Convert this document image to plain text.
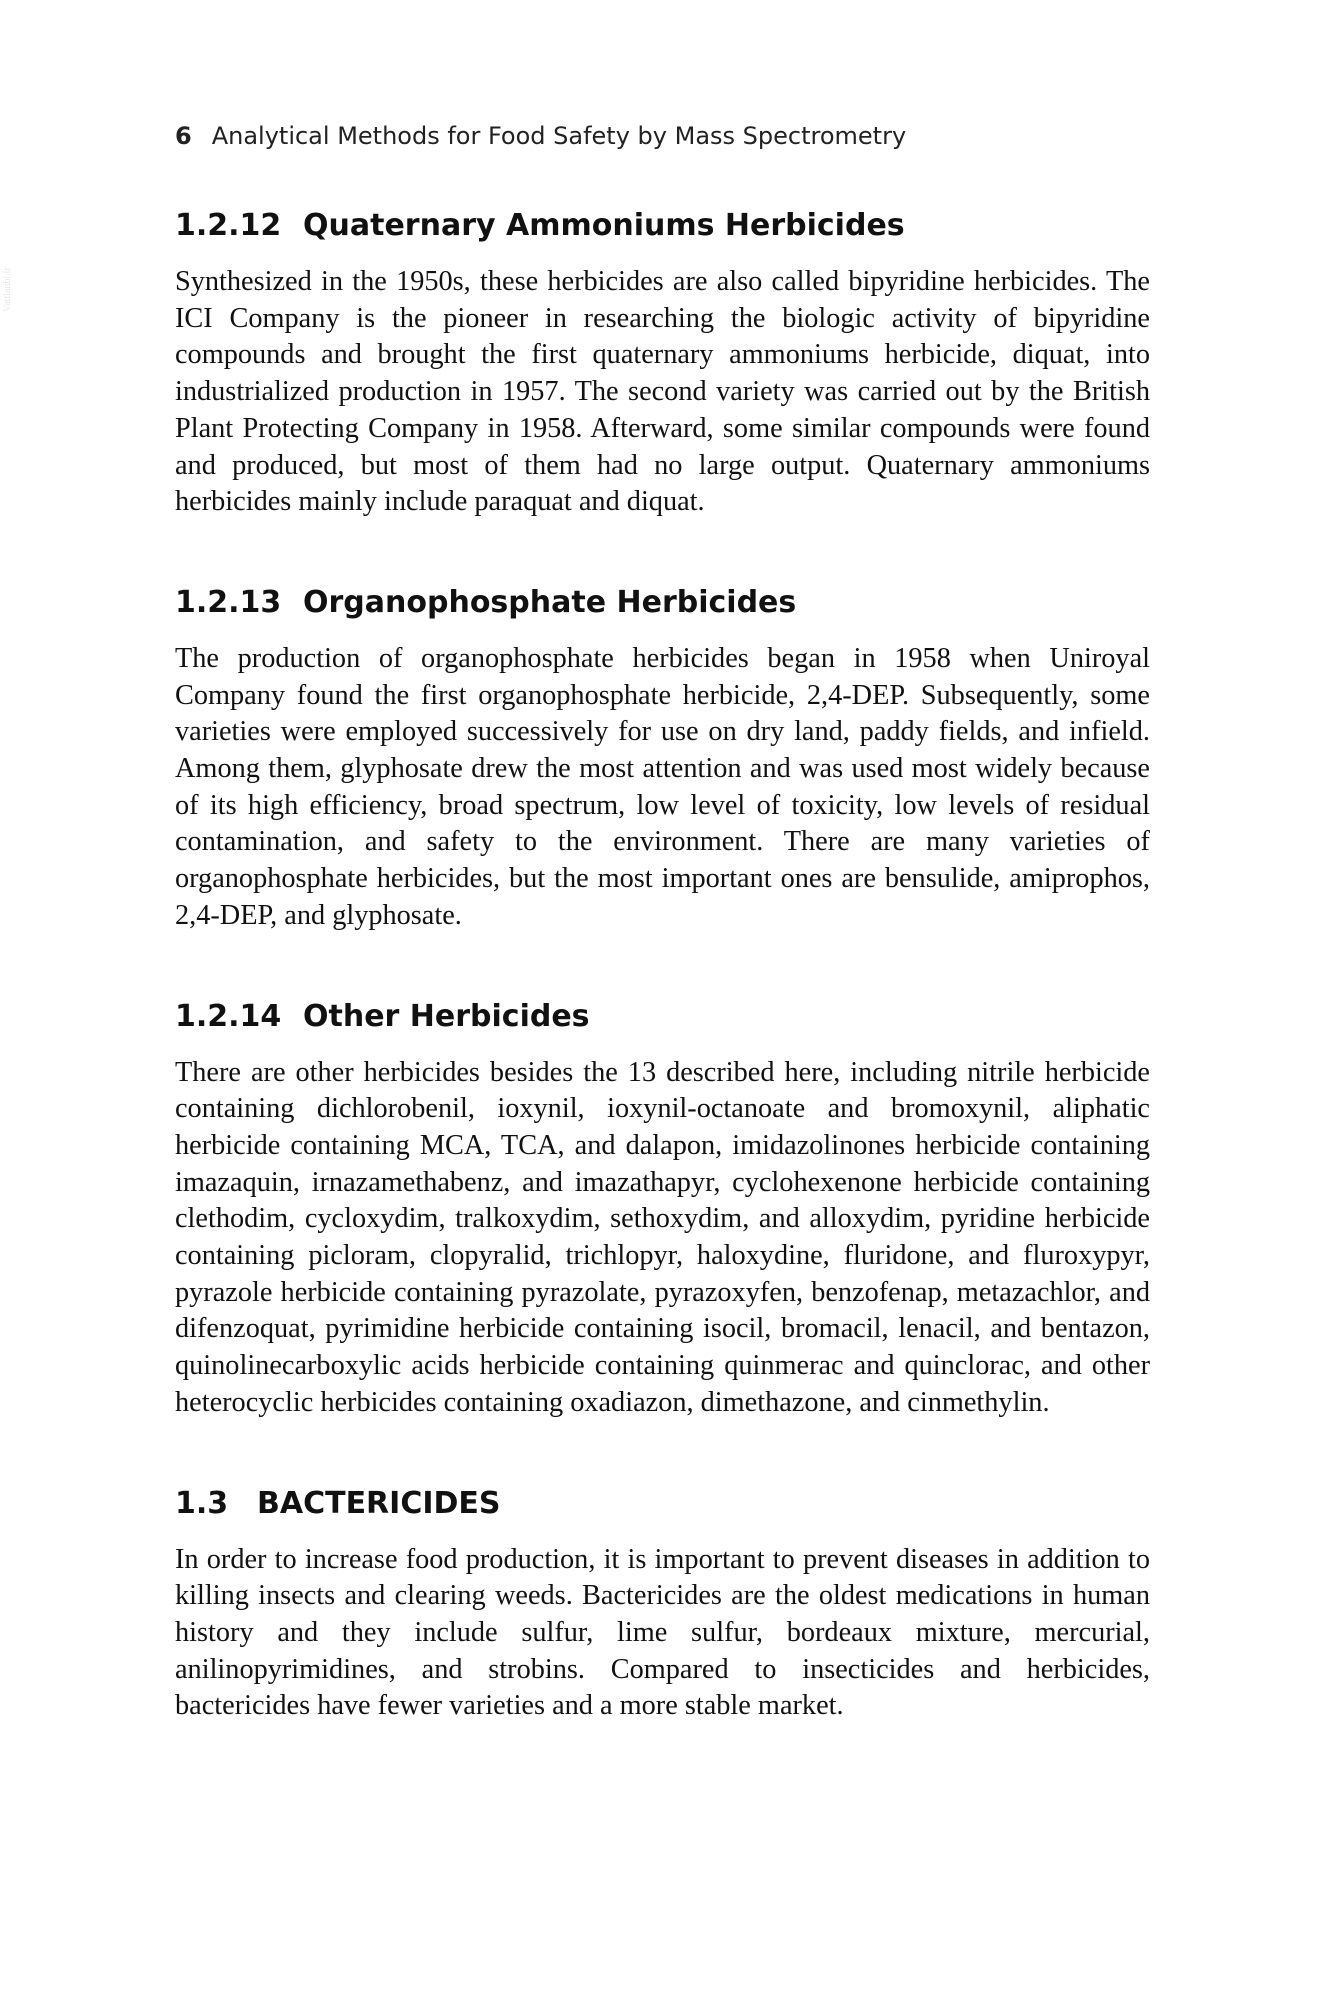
Vattlanbi.ir
6 Analytical Methods for Food Safety by Mass Spectrometry
1.2.12 Quaternary Ammoniums Herbicides

Synthesized in the 1950s, these herbicides are also called bipyridine herbicides. The ICI Company is the pioneer in researching the biologic activity of bipyridine compounds and brought the first quaternary ammoniums herbicide, diquat, into industrialized production in 1957. The second variety was carried out by the British Plant Protecting Company in 1958. Afterward, some similar compounds were found and produced, but most of them had no large output. Quaternary ammoniums herbicides mainly include paraquat and diquat.

1.2.13 Organophosphate Herbicides

The production of organophosphate herbicides began in 1958 when Uniroyal Company found the first organophosphate herbicide, 2,4-DEP. Subsequently, some varieties were employed successively for use on dry land, paddy fields, and infield. Among them, glyphosate drew the most attention and was used most widely because of its high efficiency, broad spectrum, low level of toxicity, low levels of residual contamination, and safety to the environment. There are many varieties of organophosphate herbicides, but the most important ones are bensulide, amiprophos, 2,4-DEP, and glyphosate.

1.2.14 Other Herbicides

There are other herbicides besides the 13 described here, including nitrile herbicide containing dichlorobenil, ioxynil, ioxynil-octanoate and bromoxynil, aliphatic herbicide containing MCA, TCA, and dalapon, imidazolinones herbicide containing imazaquin, irnazamethabenz, and imazathapyr, cyclohexenone herbicide containing clethodim, cycloxydim, tralkoxydim, sethoxydim, and alloxydim, pyridine herbicide containing picloram, clopyralid, trichlopyr, haloxydine, fluridone, and fluroxypyr, pyrazole herbicide containing pyrazolate, pyrazoxyfen, benzofenap, metazachlor, and difenzoquat, pyrimidine herbicide containing isocil, bromacil, lenacil, and bentazon, quinolinecarboxylic acids herbicide containing quinmerac and quinclorac, and other heterocyclic herbicides containing oxadiazon, dimethazone, and cinmethylin.

1.3 BACTERICIDES

In order to increase food production, it is important to prevent diseases in addition to killing insects and clearing weeds. Bactericides are the oldest medications in human history and they include sulfur, lime sulfur, bordeaux mixture, mercurial, anilinopyrimidines, and strobins. Compared to insecticides and herbicides, bactericides have fewer varieties and a more stable market.
